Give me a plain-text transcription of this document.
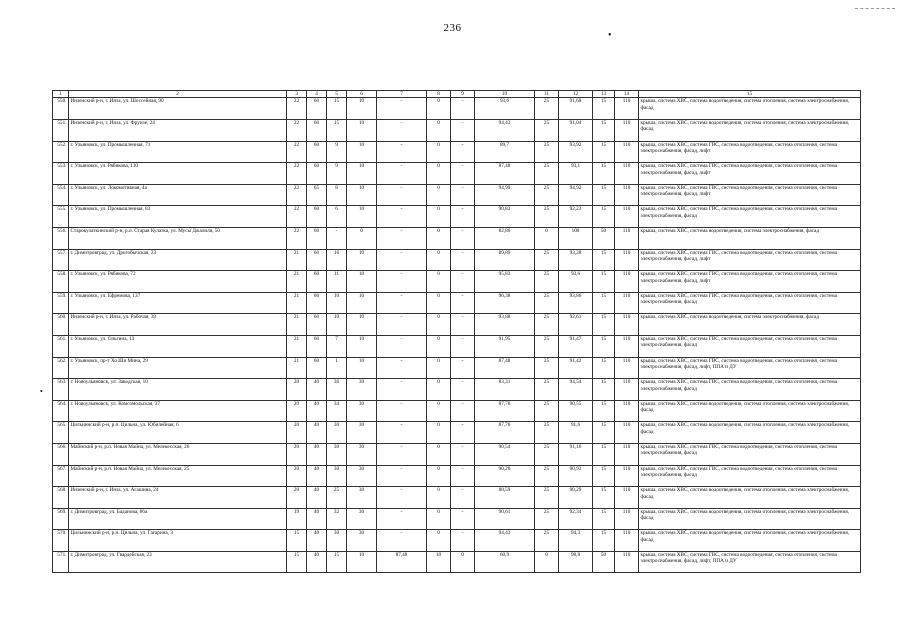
236
•
•
1	2	3	4	5	6	7	8	9	10	11	12	13	14	15
550.	Инзенский р-н, г. Инза, ул. Шоссейная, 90	22	60	15	10	-	0	-	93,6	25	91,68	15	110	крыша, система ХВС, система водоотведения, система отопления, система электроснабжения, фасад
551.	Инзенский р-н, г. Инза, ул. Фрунзе, 24	22	60	15	10	-	0	-	94,43	25	91,04	15	110	крыша, система ХВС, система водоотведения, система отопления, система электроснабжения, фасад
552.	г. Ульяновск, ул. Промышленная, 71	22	60	9	10	-	0	-	89,7	25	93,92	15	110	крыша, система ХВС, система ГВС, система водоотведения, система отопления, система электроснабжения, фасад, лифт
553.	г. Ульяновск, ул. Рябикова, 110	22	60	9	10	-	0	-	87,48	25	93,1	15	110	крыша, система ХВС, система ГВС, система водоотведения, система отопления, система электроснабжения, фасад, лифт
554.	г. Ульяновск, ул. Локомотивная, 4а	22	65	8	10	-	0	-	94,99	25	94,92	15	110	крыша, система ХВС, система ГВС, система водоотведения, система отопления, система электроснабжения, фасад, лифт
555.	г. Ульяновск, ул. Промышленная, 83	22	60	6	10	-	0	-	90,83	25	92,23	15	110	крыша, система ХВС, система ГВС, система водоотведения, система отопления, система электроснабжения, фасад
556.	Старокулаткинский р-н, р.п. Старая Кулатка, ул. Мусы Джалиля, 50	22	60	-	0	-	0	-	82,86	0	100	50	110	крыша, система ХВС, система водоотведения, система электроснабжения, фасад
557.	г. Димитровград, ул. Дрогобычская, 23	21	60	16	10	-	0	-	89,89	25	93,28	15	110	крыша, система ХВС, система ГВС, система водоотведения, система отопления, система электроснабжения, фасад, лифт
558.	г. Ульяновск, ул. Рябикова, 72	21	60	11	10	-	0	-	95,83	25	93,6	15	110	крыша, система ХВС, система ГВС, система водоотведения, система отопления, система электроснабжения, фасад, лифт
559.	г. Ульяновск, ул. Ефремова, 137	21	60	10	10	-	0	-	96,38	25	93,86	15	110	крыша, система ХВС, система ГВС, система водоотведения, система отопления, система электроснабжения, фасад
560.	Инзенский р-н, г. Инза, ул. Рабочая, 39	21	60	10	10	-	0	-	93,88	25	92,61	15	110	крыша, система ХВС, система водоотведения, система электроснабжения, фасад
561.	г. Ульяновск, ул. Ольгина, 13	21	60	7	10	-	0	-	91,95	25	91,47	15	110	крыша, система ХВС, система ГВС, система водоотведения, система отопления, система электроснабжения, фасад
562.	г. Ульяновск, пр-т Хо Ши Мина, 29	21	60	1	10	-	0	-	87,48	25	91,42	15	110	крыша, система ХВС, система ГВС, система водоотведения, система отопления, система электроснабжения, фасад, лифт, ППА и ДУ
563.	г. Новоульяновск, ул. Заводская, 10	20	40	36	30	-	0	-	83,31	25	94,54	15	110	крыша, система ХВС, система ГВС, система водоотведения, система отопления, система электроснабжения, фасад
564.	г. Новоульяновск, ул. Комсомольская, 37	20	40	34	30	-	0	-	87,76	25	90,55	15	110	крыша, система ХВС, система водоотведения, система отопления, система электроснабжения, фасад
565.	Цильнинский р-н, р.п. Цильна, ул. Юбилейная, 6	20	40	30	30	-	0	-	87,76	25	91,6	15	110	крыша, система ХВС, система водоотведения, система отопления, система электроснабжения, фасад
566.	Майнский р-н, р.п. Новая Майна, ул. Мелекесская, 26	20	40	30	30	-	0	-	90,54	25	91,16	15	110	крыша, система ХВС, система ГВС, система водоотведения, система отопления, система электроснабжения, фасад
567.	Майнский р-н, р.п. Новая Майна, ул. Мелекесская, 25	20	40	30	30	-	0	-	90,26	25	90,93	15	110	крыша, система ХВС, система ГВС, система водоотведения, система отопления, система электроснабжения, фасад
568.	Инзенский р-н, г. Инза, ул. Агашина, 24	20	40	25	30	-	0	-	88,59	25	90,29	15	110	крыша, система ХВС, система водоотведения, система отопления, система электроснабжения, фасад
569.	г. Димитровград, ул. Баданова, 86а	19	40	32	30	-	0	-	90,61	25	92,34	15	110	крыша, система ХВС, система водоотведения, система отопления, система электроснабжения, фасад
570.	Цильнинский р-н, р.п. Цильна, ул. Гагарина, 3	15	40	30	30	-	0	-	94,43	25	94,3	15	110	крыша, система ХВС, система водоотведения, система отопления, система электроснабжения, фасад
571.	г. Димитровград, ул. Гвардейская, 23	15	40	15	10	87,48	10	0	60,9	0	98,8	50	110	крыша, система ХВС, система ГВС, система водоотведения, система отопления, система электроснабжения, фасад, лифт, ППА и ДУ
